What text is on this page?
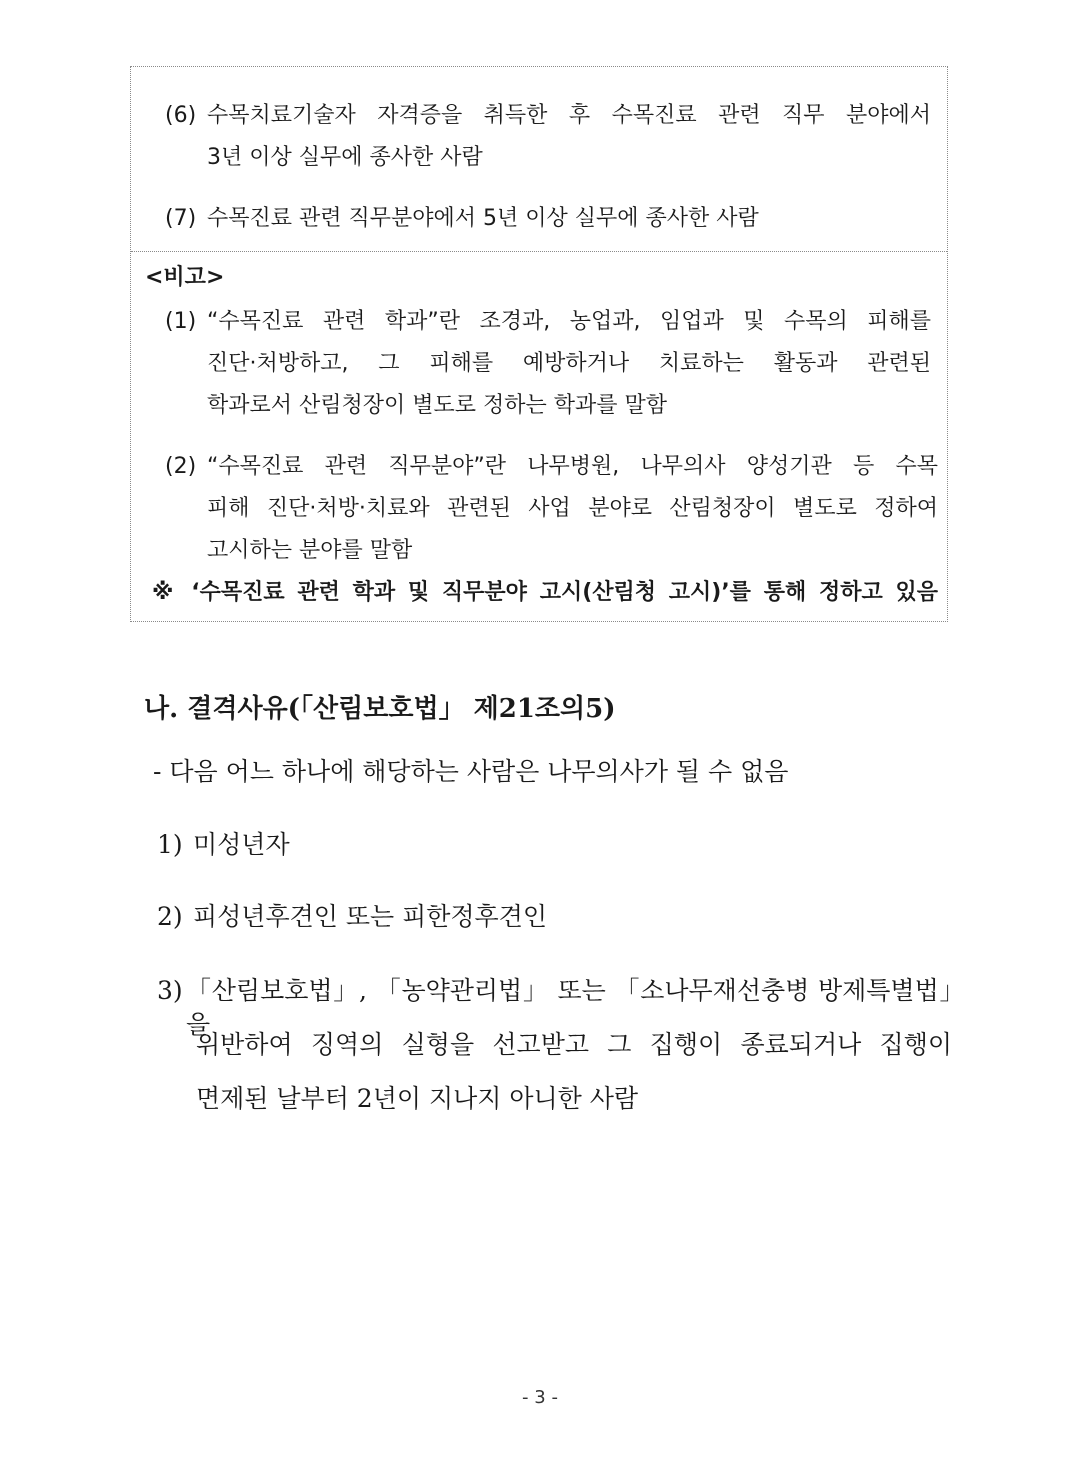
(6) 수목치료기술자 자격증을 취득한 후 수목진료 관련 직무 분야에서
3년 이상 실무에 종사한 사람
(7) 수목진료 관련 직무분야에서 5년 이상 실무에 종사한 사람
<비고>
(1) “수목진료 관련 학과”란 조경과, 농업과, 임업과 및 수목의 피해를
진단·처방하고, 그 피해를 예방하거나 치료하는 활동과 관련된
학과로서 산림청장이 별도로 정하는 학과를 말함
(2) “수목진료 관련 직무분야”란 나무병원, 나무의사 양성기관 등 수목
피해 진단·처방·치료와 관련된 사업 분야로 산림청장이 별도로 정하여
고시하는 분야를 말함
※ ‘수목진료 관련 학과 및 직무분야 고시(산림청 고시)’를 통해 정하고 있음
나. 결격사유(「산림보호법」 제21조의5)
- 다음 어느 하나에 해당하는 사람은 나무의사가 될 수 없음
1) 미성년자
2) 피성년후견인 또는 피한정후견인
3) 「산림보호법」, 「농약관리법」 또는 「소나무재선충병 방제특별법」을
위반하여 징역의 실형을 선고받고 그 집행이 종료되거나 집행이
면제된 날부터 2년이 지나지 아니한 사람
- 3 -
